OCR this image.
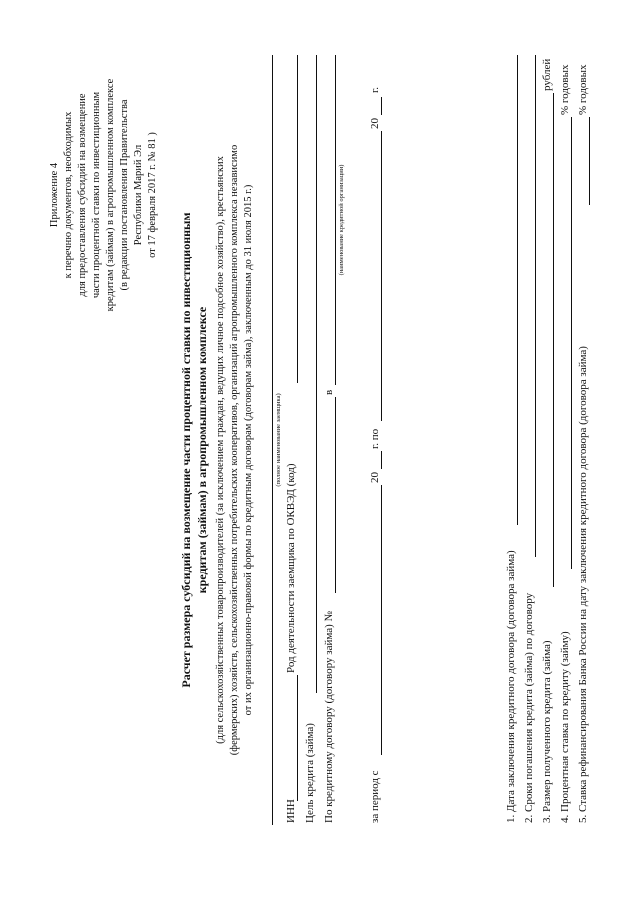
Приложение 4 к перечню документов, необходимых для предоставления субсидий на возмещение части процентной ставки по инвестиционным кредитам (займам) в агропромышленном комплексе (в редакции постановления Правительства Республики Марий Эл от 17 февраля 2017 г. № 81 )
Расчет размера субсидий на возмещение части процентной ставки по инвестиционным кредитам (займам) в агропромышленном комплексе (для сельскохозяйственных товаропроизводителей (за исключением граждан, ведущих личное подсобное хозяйство), крестьянских (фермерских) хозяйств, сельскохозяйственных потребительских кооперативов, организаций агропромышленного комплекса независимо от их организационно-правовой формы по кредитным договорам (договорам займа), заключенным до 31 июля 2015 г.)	(полное наименование заемщика)
ИНН
Род деятельности заемщика по ОКВЭД (код)
Цель кредита (займа) По кредитному договору (договору займа) №
в
(наименование кредитной организации)
за период с
20
г. по
20
г.
1. Дата заключения кредитного договора (договора займа) 2. Сроки погашения кредита (займа) по договору 3. Размер полученного кредита (займа)
рублей
4. Процентная ставка по кредиту (займу)
% годовых
5. Ставка рефинансирования Банка России на дату заключения кредитного договора (договора займа)
% годовых
